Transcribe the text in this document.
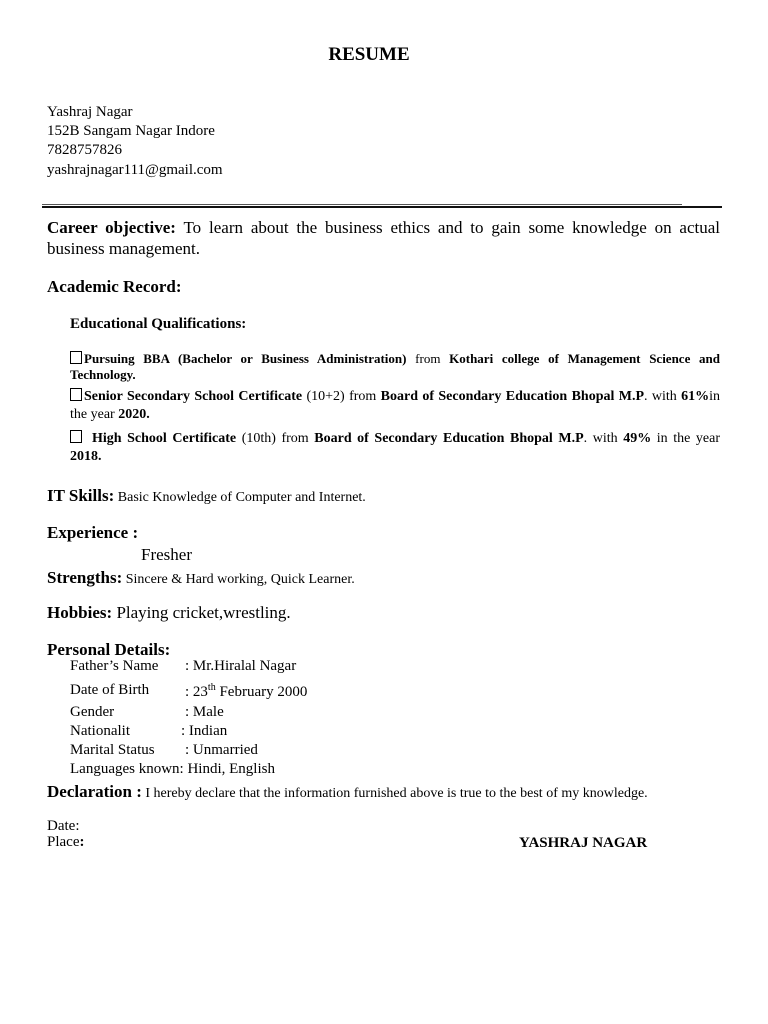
RESUME
Yashraj Nagar
152B Sangam Nagar Indore
7828757826
yashrajnagar111@gmail.com
Career objective: To learn about the business ethics and to gain some knowledge on actual business management.
Academic Record:
Educational Qualifications:
Pursuing BBA (Bachelor or Business Administration) from Kothari college of Management Science and Technology.
Senior Secondary School Certificate (10+2) from Board of Secondary Education Bhopal M.P. with 61%in the year 2020.
High School Certificate (10th) from Board of Secondary Education Bhopal M.P. with 49% in the year 2018.
IT Skills: Basic Knowledge of Computer and Internet.
Experience :
Fresher
Strengths: Sincere & Hard working, Quick Learner.
Hobbies: Playing cricket,wrestling.
Personal Details:
Father’s Name : Mr.Hiralal Nagar
Date of Birth : 23th February 2000
Gender	: Male
Nationalit	: Indian
Marital Status : Unmarried
Languages known: Hindi, English
Declaration : I hereby declare that the information furnished above is true to the best of my knowledge.
Date:
Place:	YASHRAJ NAGAR
